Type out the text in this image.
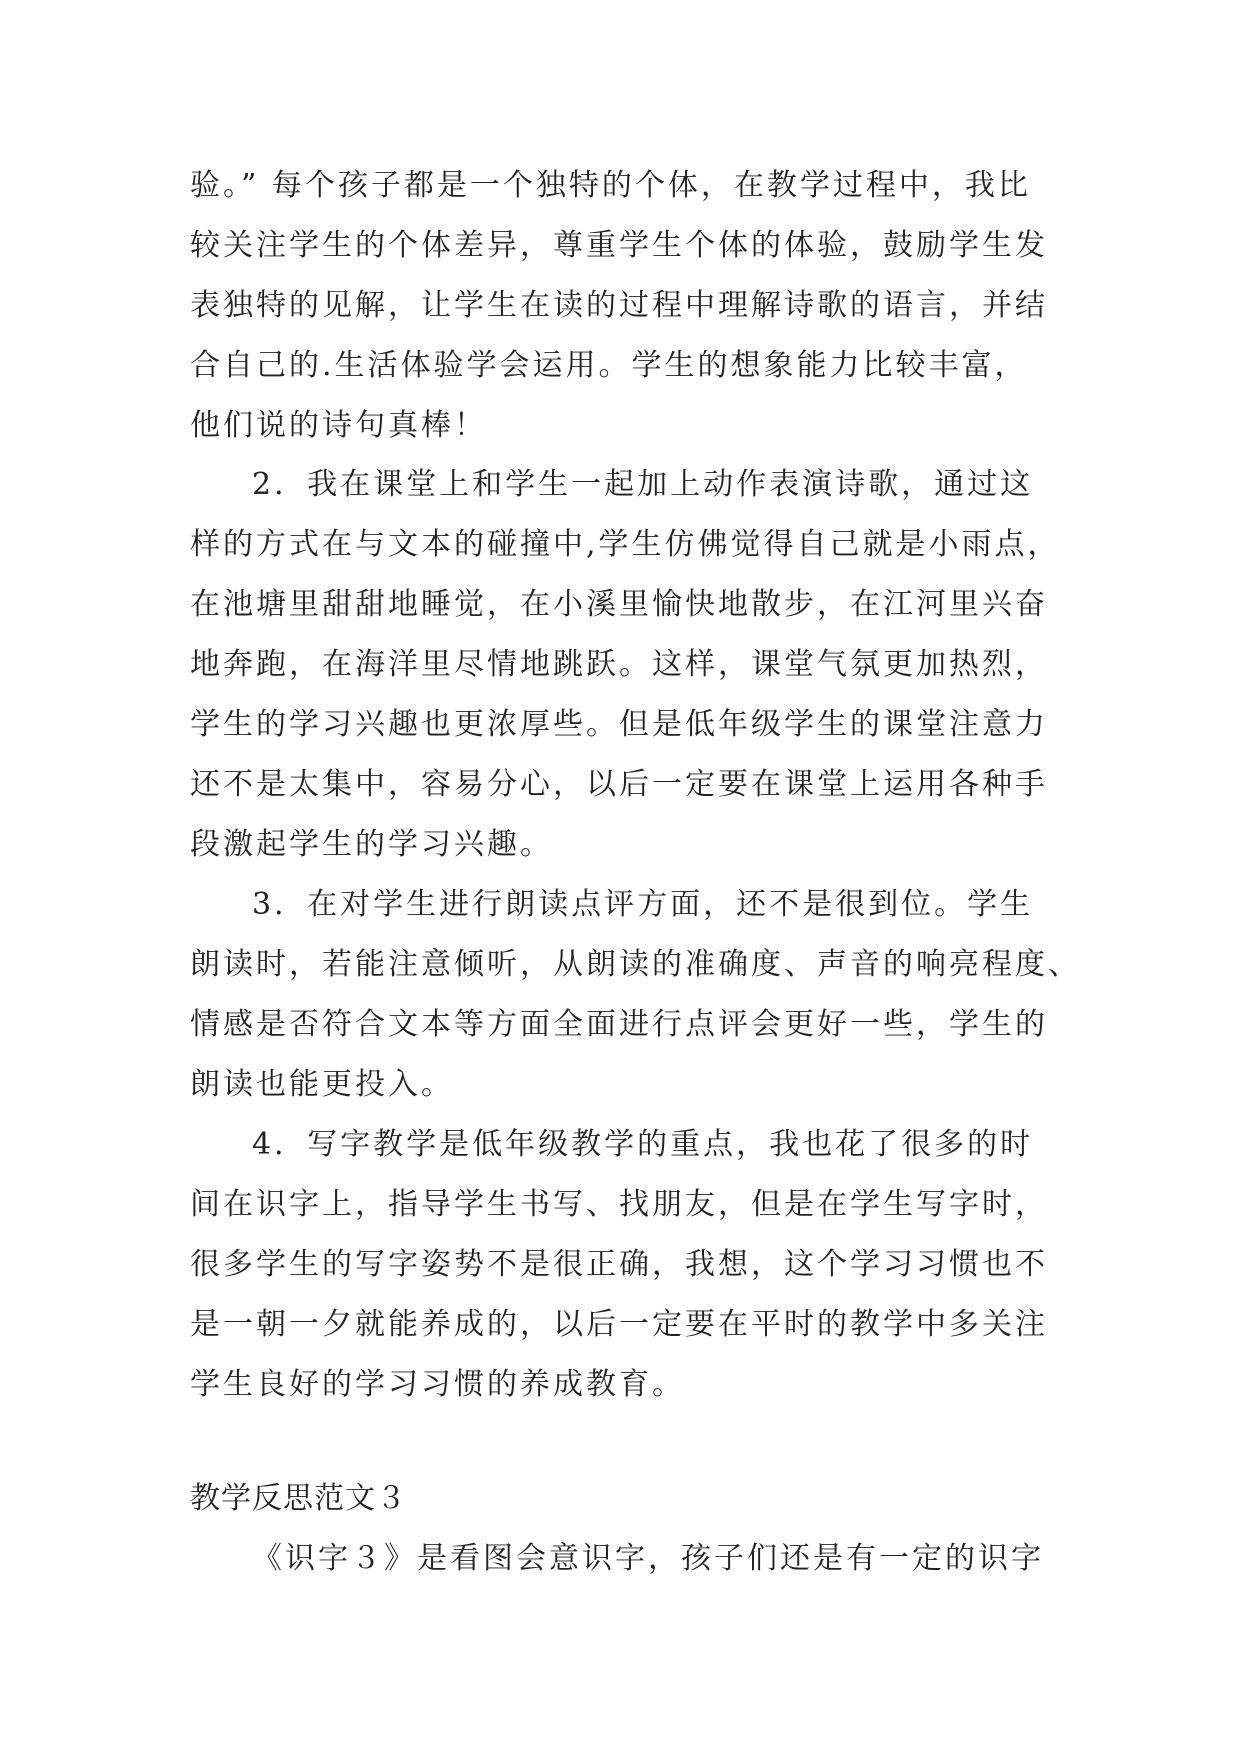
验。” 每个孩子都是一个独特的个体，在教学过程中，我比
较关注学生的个体差异，尊重学生个体的体验，鼓励学生发
表独特的见解，让学生在读的过程中理解诗歌的语言，并结
合自己的.生活体验学会运用。学生的想象能力比较丰富，
他们说的诗句真棒！
2．我在课堂上和学生一起加上动作表演诗歌，通过这
样的方式在与文本的碰撞中,学生仿佛觉得自己就是小雨点，
在池塘里甜甜地睡觉，在小溪里愉快地散步，在江河里兴奋
地奔跑，在海洋里尽情地跳跃。这样，课堂气氛更加热烈，
学生的学习兴趣也更浓厚些。但是低年级学生的课堂注意力
还不是太集中，容易分心，以后一定要在课堂上运用各种手
段激起学生的学习兴趣。
3．在对学生进行朗读点评方面，还不是很到位。学生
朗读时，若能注意倾听，从朗读的准确度、声音的响亮程度、
情感是否符合文本等方面全面进行点评会更好一些，学生的
朗读也能更投入。
4．写字教学是低年级教学的重点，我也花了很多的时
间在识字上，指导学生书写、找朋友，但是在学生写字时，
很多学生的写字姿势不是很正确，我想，这个学习习惯也不
是一朝一夕就能养成的，以后一定要在平时的教学中多关注
学生良好的学习习惯的养成教育。
教学反思范文３
《识字３》是看图会意识字，孩子们还是有一定的识字
